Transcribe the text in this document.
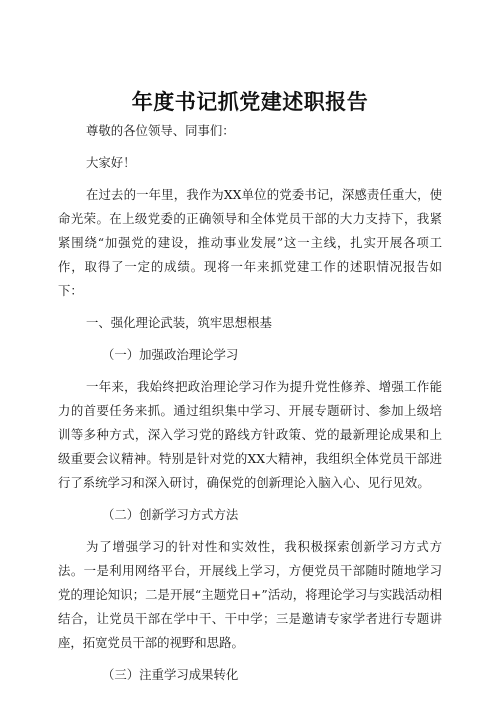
年度书记抓党建述职报告

尊敬的各位领导、同事们：

大家好！

在过去的一年里，我作为XX单位的党委书记，深感责任重大，使命光荣。在上级党委的正确领导和全体党员干部的大力支持下，我紧紧围绕“加强党的建设，推动事业发展”这一主线，扎实开展各项工作，取得了一定的成绩。现将一年来抓党建工作的述职情况报告如下：

一、强化理论武装，筑牢思想根基

（一）加强政治理论学习

一年来，我始终把政治理论学习作为提升党性修养、增强工作能力的首要任务来抓。通过组织集中学习、开展专题研讨、参加上级培训等多种方式，深入学习党的路线方针政策、党的最新理论成果和上级重要会议精神。特别是针对党的XX大精神，我组织全体党员干部进行了系统学习和深入研讨，确保党的创新理论入脑入心、见行见效。

（二）创新学习方式方法

为了增强学习的针对性和实效性，我积极探索创新学习方式方法。一是利用网络平台，开展线上学习，方便党员干部随时随地学习党的理论知识；二是开展“主题党日+”活动，将理论学习与实践活动相结合，让党员干部在学中干、干中学；三是邀请专家学者进行专题讲座，拓宽党员干部的视野和思路。

（三）注重学习成果转化
